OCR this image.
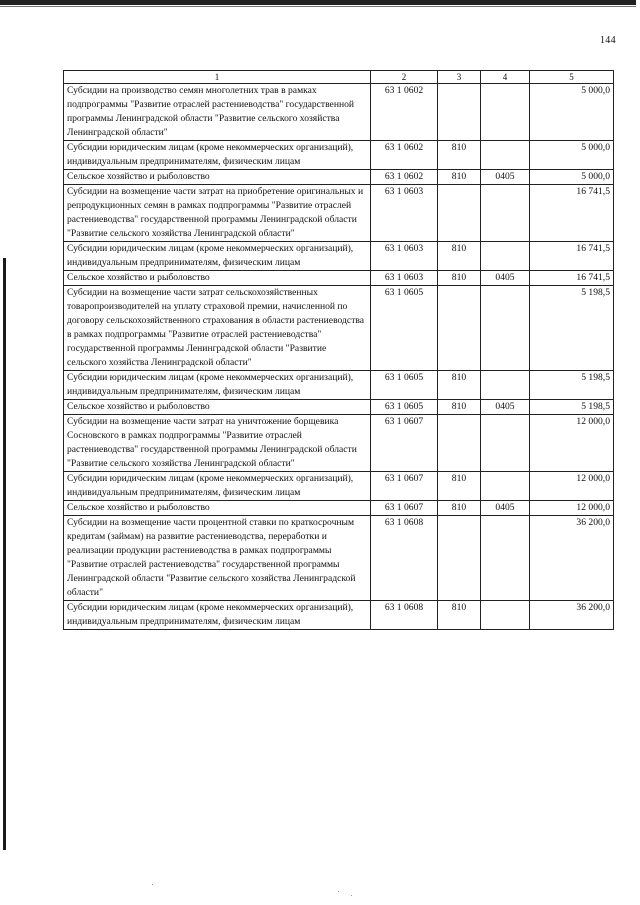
144
1	2	3	4	5
Субсидии на производство семян многолетних трав в рамках подпрограммы "Развитие отраслей растениеводства" государственной программы Ленинградской области "Развитие сельского хозяйства Ленинградской области"	63 1 0602			5 000,0
Субсидии юридическим лицам (кроме некоммерческих организаций), индивидуальным предпринимателям, физическим лицам	63 1 0602	810		5 000,0
Сельское хозяйство и рыболовство	63 1 0602	810	0405	5 000,0
Субсидии на возмещение части затрат на приобретение оригинальных и репродукционных семян в рамках подпрограммы "Развитие отраслей растениеводства" государственной программы Ленинградской области "Развитие сельского хозяйства Ленинградской области"	63 1 0603			16 741,5
Субсидии юридическим лицам (кроме некоммерческих организаций), индивидуальным предпринимателям, физическим лицам	63 1 0603	810		16 741,5
Сельское хозяйство и рыболовство	63 1 0603	810	0405	16 741,5
Субсидии на возмещение части затрат сельскохозяйственных товаропроизводителей на уплату страховой премии, начисленной по договору сельскохозяйственного страхования в области растениеводства в рамках подпрограммы "Развитие отраслей растениеводства" государственной программы Ленинградской области "Развитие сельского хозяйства Ленинградской области"	63 1 0605			5 198,5
Субсидии юридическим лицам (кроме некоммерческих организаций), индивидуальным предпринимателям, физическим лицам	63 1 0605	810		5 198,5
Сельское хозяйство и рыболовство	63 1 0605	810	0405	5 198,5
Субсидии на возмещение части затрат на уничтожение борщевика Сосновского в рамках подпрограммы "Развитие отраслей растениеводства" государственной программы Ленинградской области "Развитие сельского хозяйства Ленинградской области"	63 1 0607			12 000,0
Субсидии юридическим лицам (кроме некоммерческих организаций), индивидуальным предпринимателям, физическим лицам	63 1 0607	810		12 000,0
Сельское хозяйство и рыболовство	63 1 0607	810	0405	12 000,0
Субсидии на возмещение части процентной ставки по краткосрочным кредитам (займам) на развитие растениеводства, переработки и реализации продукции растениеводства в рамках подпрограммы "Развитие отраслей растениеводства" государственной программы Ленинградской области "Развитие сельского хозяйства Ленинградской области"	63 1 0608			36 200,0
Субсидии юридическим лицам (кроме некоммерческих организаций), индивидуальным предпринимателям, физическим лицам	63 1 0608	810		36 200,0
